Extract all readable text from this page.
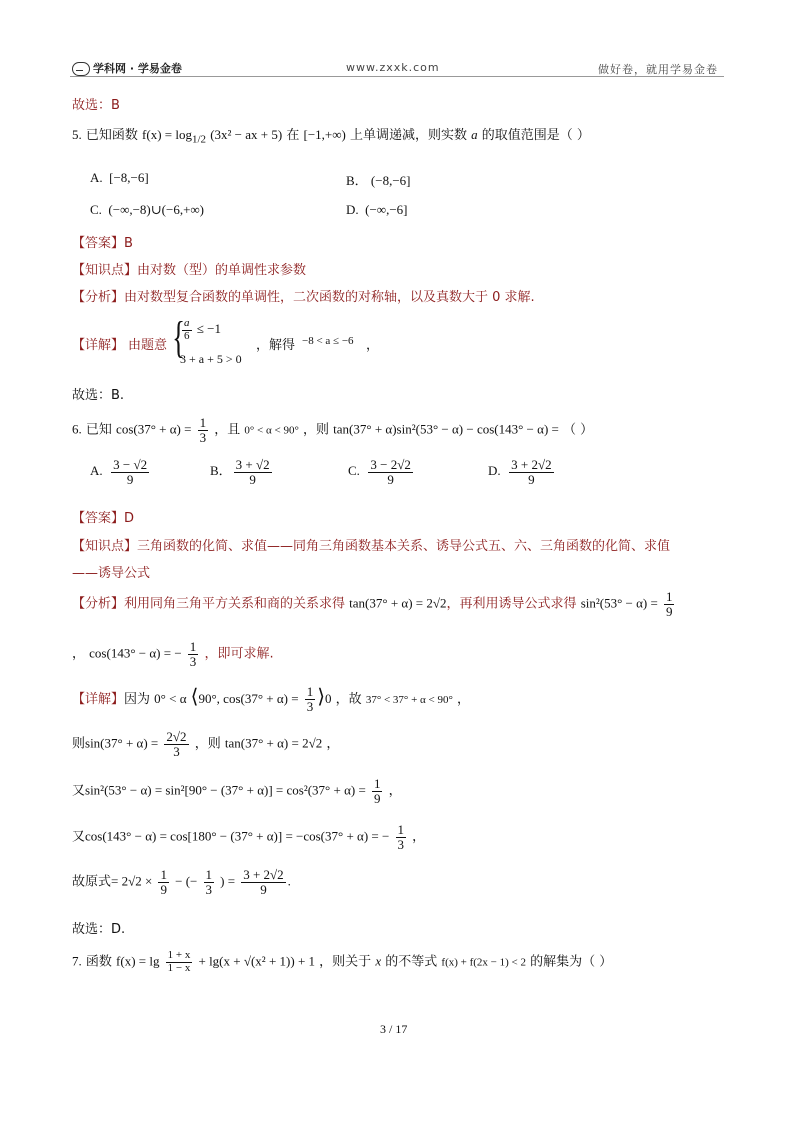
学科网 · 学易金卷	www.zxxk.com	做好卷，就用学易金卷
故选：B
5. 已知函数 $f(x) = \log_{1/2} (3x^2$ − ax + 5) 在 [−1,+∞) 上单调递减，则实数 a 的取值范围是（ ）
A. [−8,−6]	B． (−8,−6]
C. (−∞,−8)∪(−6,+∞)	D. (−∞,−6]
【答案】B
【知识点】由对数（型）的单调性求参数
【分析】由对数型复合函数的单调性，二次函数的对称轴，以及真数大于 0 求解.
【详解】 由题意 {
$\frac{a}{6} \le -1$
3 + a + 5 > 0
，解得 −8 < a ≤ −6 ，
故选：B.
6. 已知 $\cos(37^\circ + \alpha) = \frac{1}{3}$ ，且 0° < α < 90° ，则 tan(37° + α)sin²(53° − α) − cos(143° − α) = （ ）
A. $\frac{3 - √2}{9}$	B． $\frac{3 + √2}{9}$	C. $\frac{3 - 2√2}{9}$	D. $\frac{3 + 2√2}{9}$
【答案】D
【知识点】三角函数的化简、求值——同角三角函数基本关系、诱导公式五、六、三角函数的化简、求值
——诱导公式
【分析】利用同角三角平方关系和商的关系求得 tan(37° + α) = 2√2，再利用诱导公式求得 $\sin^2(53^\circ - \alpha) = \frac{1}{9}$
， cos(143° − α) = − $\frac{1}{3}$ ，即可求解.
【详解】因为 0° < α ⟨90°, $\cos(37^\circ + \alpha) = \frac{1}{3}$ ⟩0 ，故 37° < 37° + α < 90° ，
则$\sin(37^\circ + \alpha) = \frac{2√2}{3}$ ，则 tan(37° + α) = 2√2 ，
又$\sin^2(53^\circ - \alpha) = \sin^2[90^\circ - (37^\circ + \alpha)] = \cos^2(37^\circ + \alpha) = \frac{1}{9}$ ，
又cos(143° − α) = cos[180° − (37° + α)] = −cos(37° + α) = − $\frac{1}{3}$ ，
故原式= $2√2 \times \frac{1}{9}$ − (− $\frac{1}{3}$ ) = $\frac{3 + 2√2}{9}$ .
故选：D.
7. 函数 $f(x) = \lg \frac{1 + x}{1 - x} + \lg(x + √(x^2 + 1)) + 1$ ，则关于 x 的不等式 f(x) + f(2x − 1) < 2 的解集为（ ）
3 / 17
